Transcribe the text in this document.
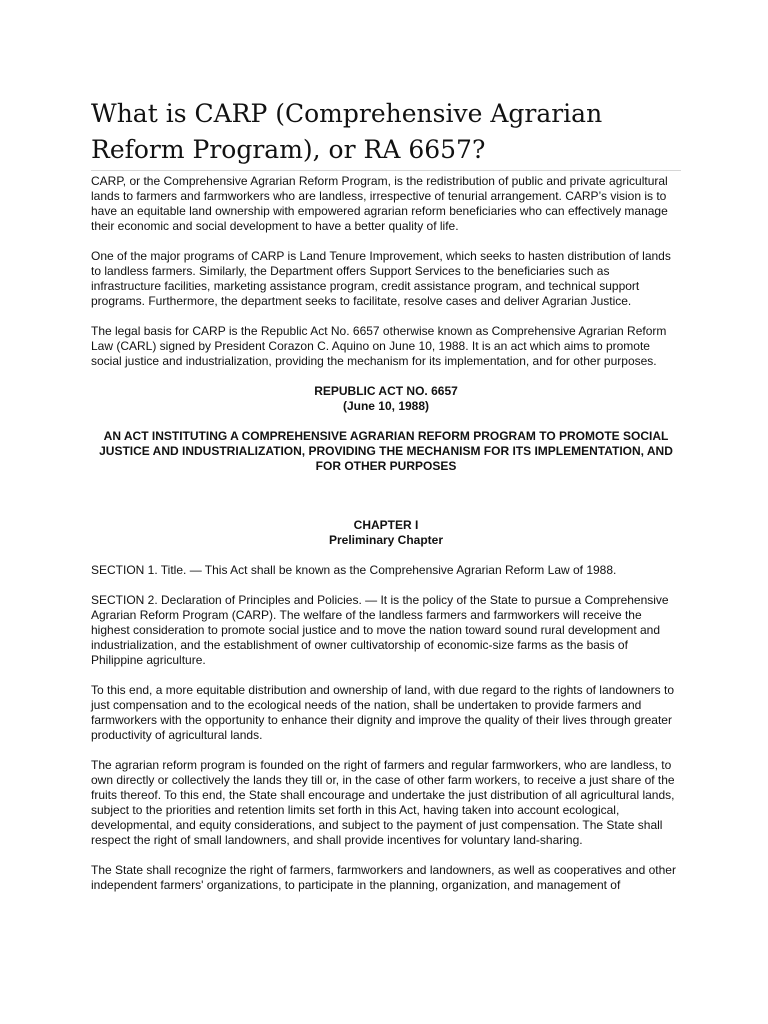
What is CARP (Comprehensive Agrarian Reform Program), or RA 6657?

CARP, or the Comprehensive Agrarian Reform Program, is the redistribution of public and private agricultural lands to farmers and farmworkers who are landless, irrespective of tenurial arrangement. CARP’s vision is to have an equitable land ownership with empowered agrarian reform beneficiaries who can effectively manage their economic and social development to have a better quality of life.

One of the major programs of CARP is Land Tenure Improvement, which seeks to hasten distribution of lands to landless farmers. Similarly, the Department offers Support Services to the beneficiaries such as infrastructure facilities, marketing assistance program, credit assistance program, and technical support programs. Furthermore, the department seeks to facilitate, resolve cases and deliver Agrarian Justice.

The legal basis for CARP is the Republic Act No. 6657 otherwise known as Comprehensive Agrarian Reform Law (CARL) signed by President Corazon C. Aquino on June 10, 1988. It is an act which aims to promote social justice and industrialization, providing the mechanism for its implementation, and for other purposes.

REPUBLIC ACT NO. 6657

(June 10, 1988)

AN ACT INSTITUTING A COMPREHENSIVE AGRARIAN REFORM PROGRAM TO PROMOTE SOCIAL JUSTICE AND INDUSTRIALIZATION, PROVIDING THE MECHANISM FOR ITS IMPLEMENTATION, AND FOR OTHER PURPOSES

CHAPTER I

Preliminary Chapter

SECTION 1. Title. — This Act shall be known as the Comprehensive Agrarian Reform Law of 1988.

SECTION 2. Declaration of Principles and Policies. — It is the policy of the State to pursue a Comprehensive Agrarian Reform Program (CARP). The welfare of the landless farmers and farmworkers will receive the highest consideration to promote social justice and to move the nation toward sound rural development and industrialization, and the establishment of owner cultivatorship of economic-size farms as the basis of Philippine agriculture.

To this end, a more equitable distribution and ownership of land, with due regard to the rights of landowners to just compensation and to the ecological needs of the nation, shall be undertaken to provide farmers and farmworkers with the opportunity to enhance their dignity and improve the quality of their lives through greater productivity of agricultural lands.

The agrarian reform program is founded on the right of farmers and regular farmworkers, who are landless, to own directly or collectively the lands they till or, in the case of other farm workers, to receive a just share of the fruits thereof. To this end, the State shall encourage and undertake the just distribution of all agricultural lands, subject to the priorities and retention limits set forth in this Act, having taken into account ecological, developmental, and equity considerations, and subject to the payment of just compensation. The State shall respect the right of small landowners, and shall provide incentives for voluntary land-sharing.

The State shall recognize the right of farmers, farmworkers and landowners, as well as cooperatives and other independent farmers' organizations, to participate in the planning, organization, and management of
